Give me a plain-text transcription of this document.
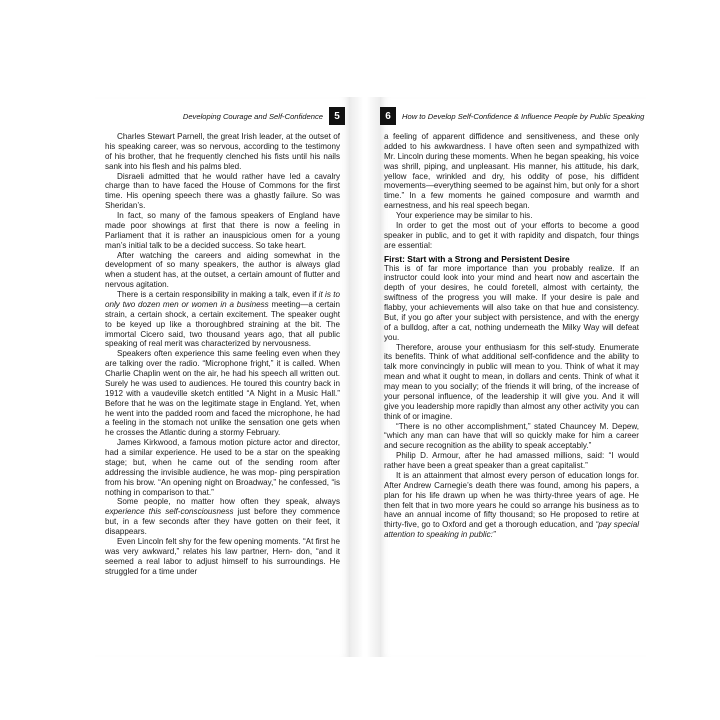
Developing Courage and Self-Confidence	5

Charles Stewart Parnell, the great Irish leader, at the outset of his speaking career, was so nervous, according to the testimony of his brother, that he frequently clenched his fists until his nails sank into his flesh and his palms bled.

Disraeli admitted that he would rather have led a cavalry charge than to have faced the House of Commons for the first time. His opening speech there was a ghastly failure. So was Sheridan’s.

In fact, so many of the famous speakers of England have made poor showings at first that there is now a feeling in Parliament that it is rather an inauspicious omen for a young man’s initial talk to be a decided success. So take heart.

After watching the careers and aiding somewhat in the development of so many speakers, the author is always glad when a student has, at the outset, a certain amount of flutter and nervous agitation.

There is a certain responsibility in making a talk, even if it is to only two dozen men or women in a business meeting—a certain strain, a certain shock, a certain excitement. The speaker ought to be keyed up like a thoroughbred straining at the bit. The immortal Cicero said, two thousand years ago, that all public speaking of real merit was characterized by nervousness.

Speakers often experience this same feeling even when they are talking over the radio. “Microphone fright,” it is called. When Charlie Chaplin went on the air, he had his speech all written out. Surely he was used to audiences. He toured this country back in 1912 with a vaudeville sketch entitled “A Night in a Music Hall.” Before that he was on the legitimate stage in England. Yet, when he went into the padded room and faced the microphone, he had a feeling in the stomach not unlike the sensation one gets when he crosses the Atlantic during a stormy February.

James Kirkwood, a famous motion picture actor and director, had a similar experience. He used to be a star on the speaking stage; but, when he came out of the sending room after addressing the invisible audience, he was mop- ping perspiration from his brow. “An opening night on Broadway,” he confessed, “is nothing in comparison to that.”

Some people, no matter how often they speak, always experience this self-consciousness just before they commence but, in a few seconds after they have gotten on their feet, it disappears.

Even Lincoln felt shy for the few opening moments. “At first he was very awkward,” relates his law partner, Hern- don, “and it seemed a real labor to adjust himself to his surroundings. He struggled for a time under

6	How to Develop Self-Confidence & Influence People by Public Speaking

a feeling of apparent diffidence and sensitiveness, and these only added to his awkwardness. I have often seen and sympathized with Mr. Lincoln during these moments. When he began speaking, his voice was shrill, piping, and unpleasant. His manner, his attitude, his dark, yellow face, wrinkled and dry, his oddity of pose, his diffident movements—everything seemed to be against him, but only for a short time.” In a few moments he gained composure and warmth and earnestness, and his real speech began.

Your experience may be similar to his.

In order to get the most out of your efforts to become a good speaker in public, and to get it with rapidity and dispatch, four things are essential:

First: Start with a Strong and Persistent Desire

This is of far more importance than you probably realize. If an instructor could look into your mind and heart now and ascertain the depth of your desires, he could foretell, almost with certainty, the swiftness of the progress you will make. If your desire is pale and flabby, your achievements will also take on that hue and consistency. But, if you go after your subject with persistence, and with the energy of a bulldog, after a cat, nothing underneath the Milky Way will defeat you.

Therefore, arouse your enthusiasm for this self-study. Enumerate its benefits. Think of what additional self-confidence and the ability to talk more convincingly in public will mean to you. Think of what it may mean and what it ought to mean, in dollars and cents. Think of what it may mean to you socially; of the friends it will bring, of the increase of your personal influence, of the leadership it will give you. And it will give you leadership more rapidly than almost any other activity you can think of or imagine.

“There is no other accomplishment,” stated Chauncey M. Depew, “which any man can have that will so quickly make for him a career and secure recognition as the ability to speak acceptably.”

Philip D. Armour, after he had amassed millions, said: “I would rather have been a great speaker than a great capitalist.”

It is an attainment that almost every person of education longs for. After Andrew Carnegie’s death there was found, among his papers, a plan for his life drawn up when he was thirty-three years of age. He then felt that in two more years he could so arrange his business as to have an annual income of fifty thousand; so He proposed to retire at thirty-five, go to Oxford and get a thorough education, and “pay special attention to speaking in public:”
